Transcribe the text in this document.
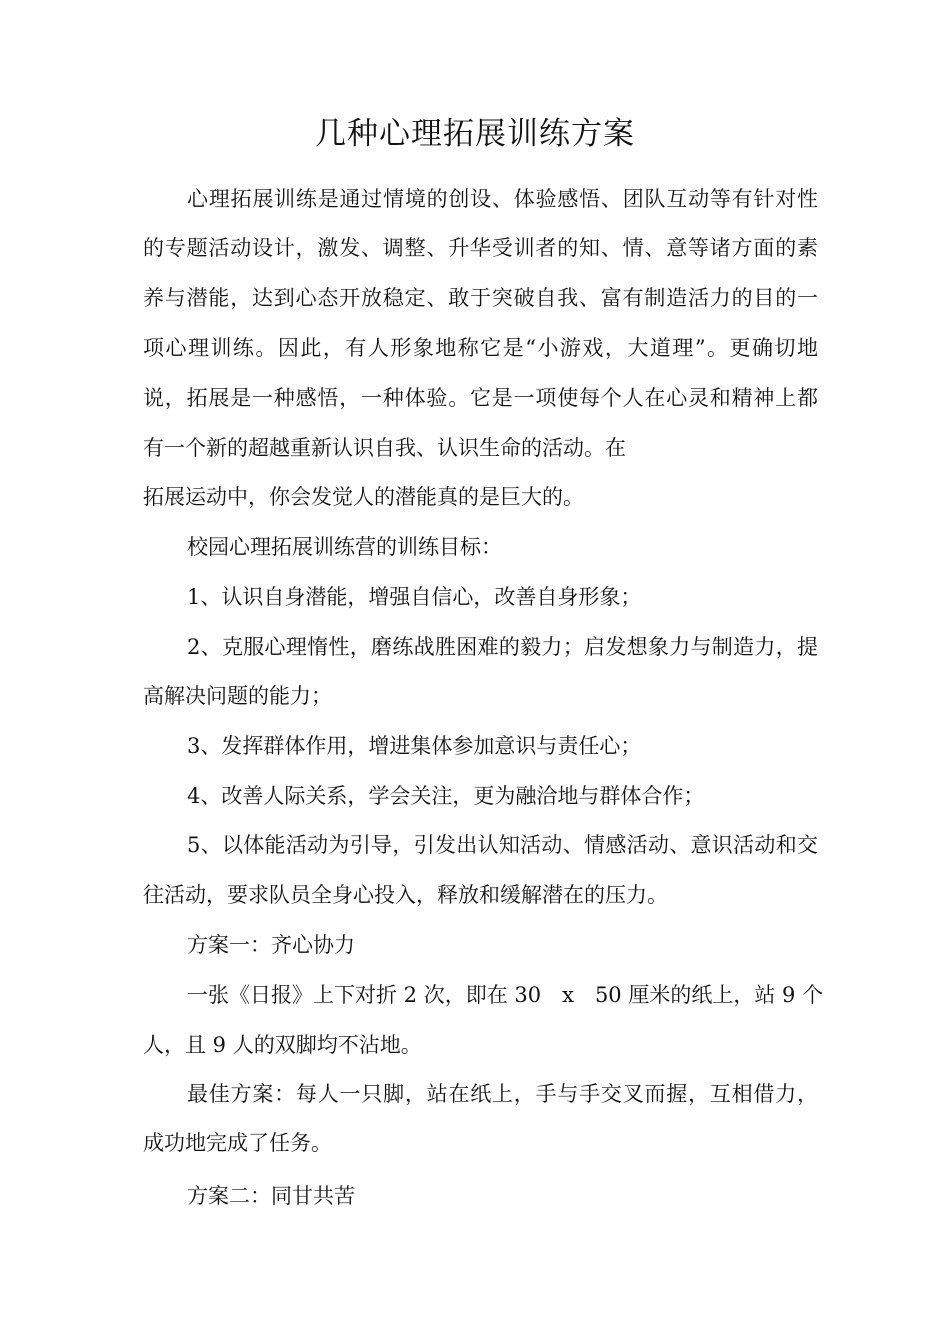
几种心理拓展训练方案
心理拓展训练是通过情境的创设、体验感悟、团队互动等有针对性
的专题活动设计，激发、调整、升华受训者的知、情、意等诸方面的素
养与潜能，达到心态开放稳定、敢于突破自我、富有制造活力的目的一
项心理训练。因此，有人形象地称它是“小游戏，大道理”。更确切地
说，拓展是一种感悟，一种体验。它是一项使每个人在心灵和精神上都
有一个新的超越重新认识自我、认识生命的活动。在
拓展运动中，你会发觉人的潜能真的是巨大的。
校园心理拓展训练营的训练目标：
1、认识自身潜能，增强自信心，改善自身形象；
2、克服心理惰性，磨练战胜困难的毅力；启发想象力与制造力，提
高解决问题的能力；
3、发挥群体作用，增进集体参加意识与责任心；
4、改善人际关系，学会关注，更为融洽地与群体合作；
5、以体能活动为引导，引发出认知活动、情感活动、意识活动和交
往活动，要求队员全身心投入，释放和缓解潜在的压力。
方案一：齐心协力
一张《日报》上下对折 2 次，即在 30　x　50 厘米的纸上，站 9 个
人，且 9 人的双脚均不沾地。
最佳方案：每人一只脚，站在纸上，手与手交叉而握，互相借力，
成功地完成了任务。
方案二：同甘共苦
